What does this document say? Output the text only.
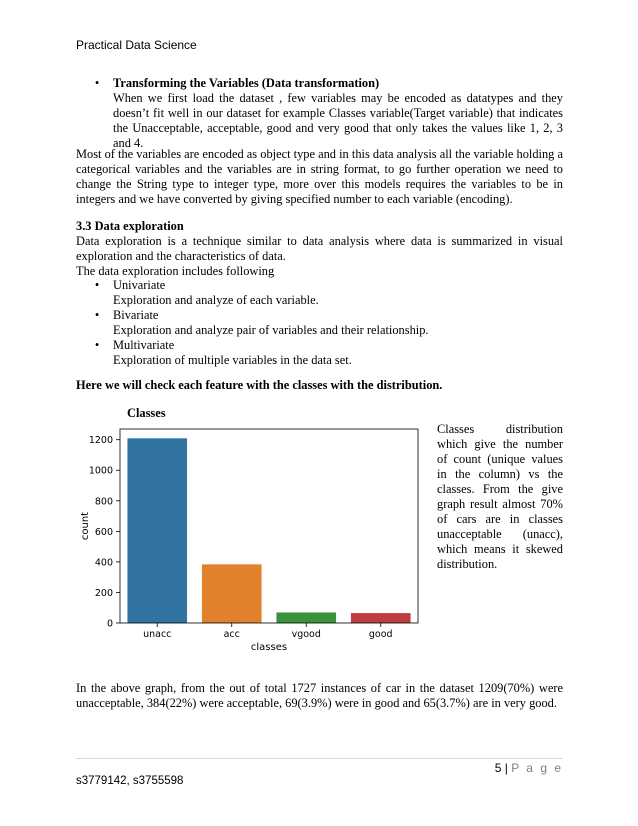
Practical Data Science
• Transforming the Variables (Data transformation)
When we first load the dataset , few variables may be encoded as datatypes and they doesn’t fit well in our dataset for example Classes variable(Target variable) that indicates the Unacceptable, acceptable, good and very good that only takes the values like 1, 2, 3 and 4.
Most of the variables are encoded as object type and in this data analysis all the variable holding a categorical variables and the variables are in string format, to go further operation we need to change the String type to integer type, more over this models requires the variables to be in integers and we have converted by giving specified number to each variable (encoding).
3.3 Data exploration
Data exploration is a technique similar to data analysis where data is summarized in visual exploration and the characteristics of data.
The data exploration includes following
• Univariate
Exploration and analyze of each variable.
• Bivariate
Exploration and analyze pair of variables and their relationship.
• Multivariate
Exploration of multiple variables in the data set.
Here we will check each feature with the classes with the distribution.
Classes
0
200
400
600
800
1000
1200
unacc	acc	vgood	good
classes
count
Classes distribution which give the number of count (unique values in the column) vs the classes. From the give graph result almost 70% of cars are in classes unacceptable (unacc), which means it skewed distribution.
In the above graph, from the out of total 1727 instances of car in the dataset 1209(70%) were unacceptable, 384(22%) were acceptable, 69(3.9%) were in good and 65(3.7%) are in very good.
5 | P a g e
s3779142, s3755598
